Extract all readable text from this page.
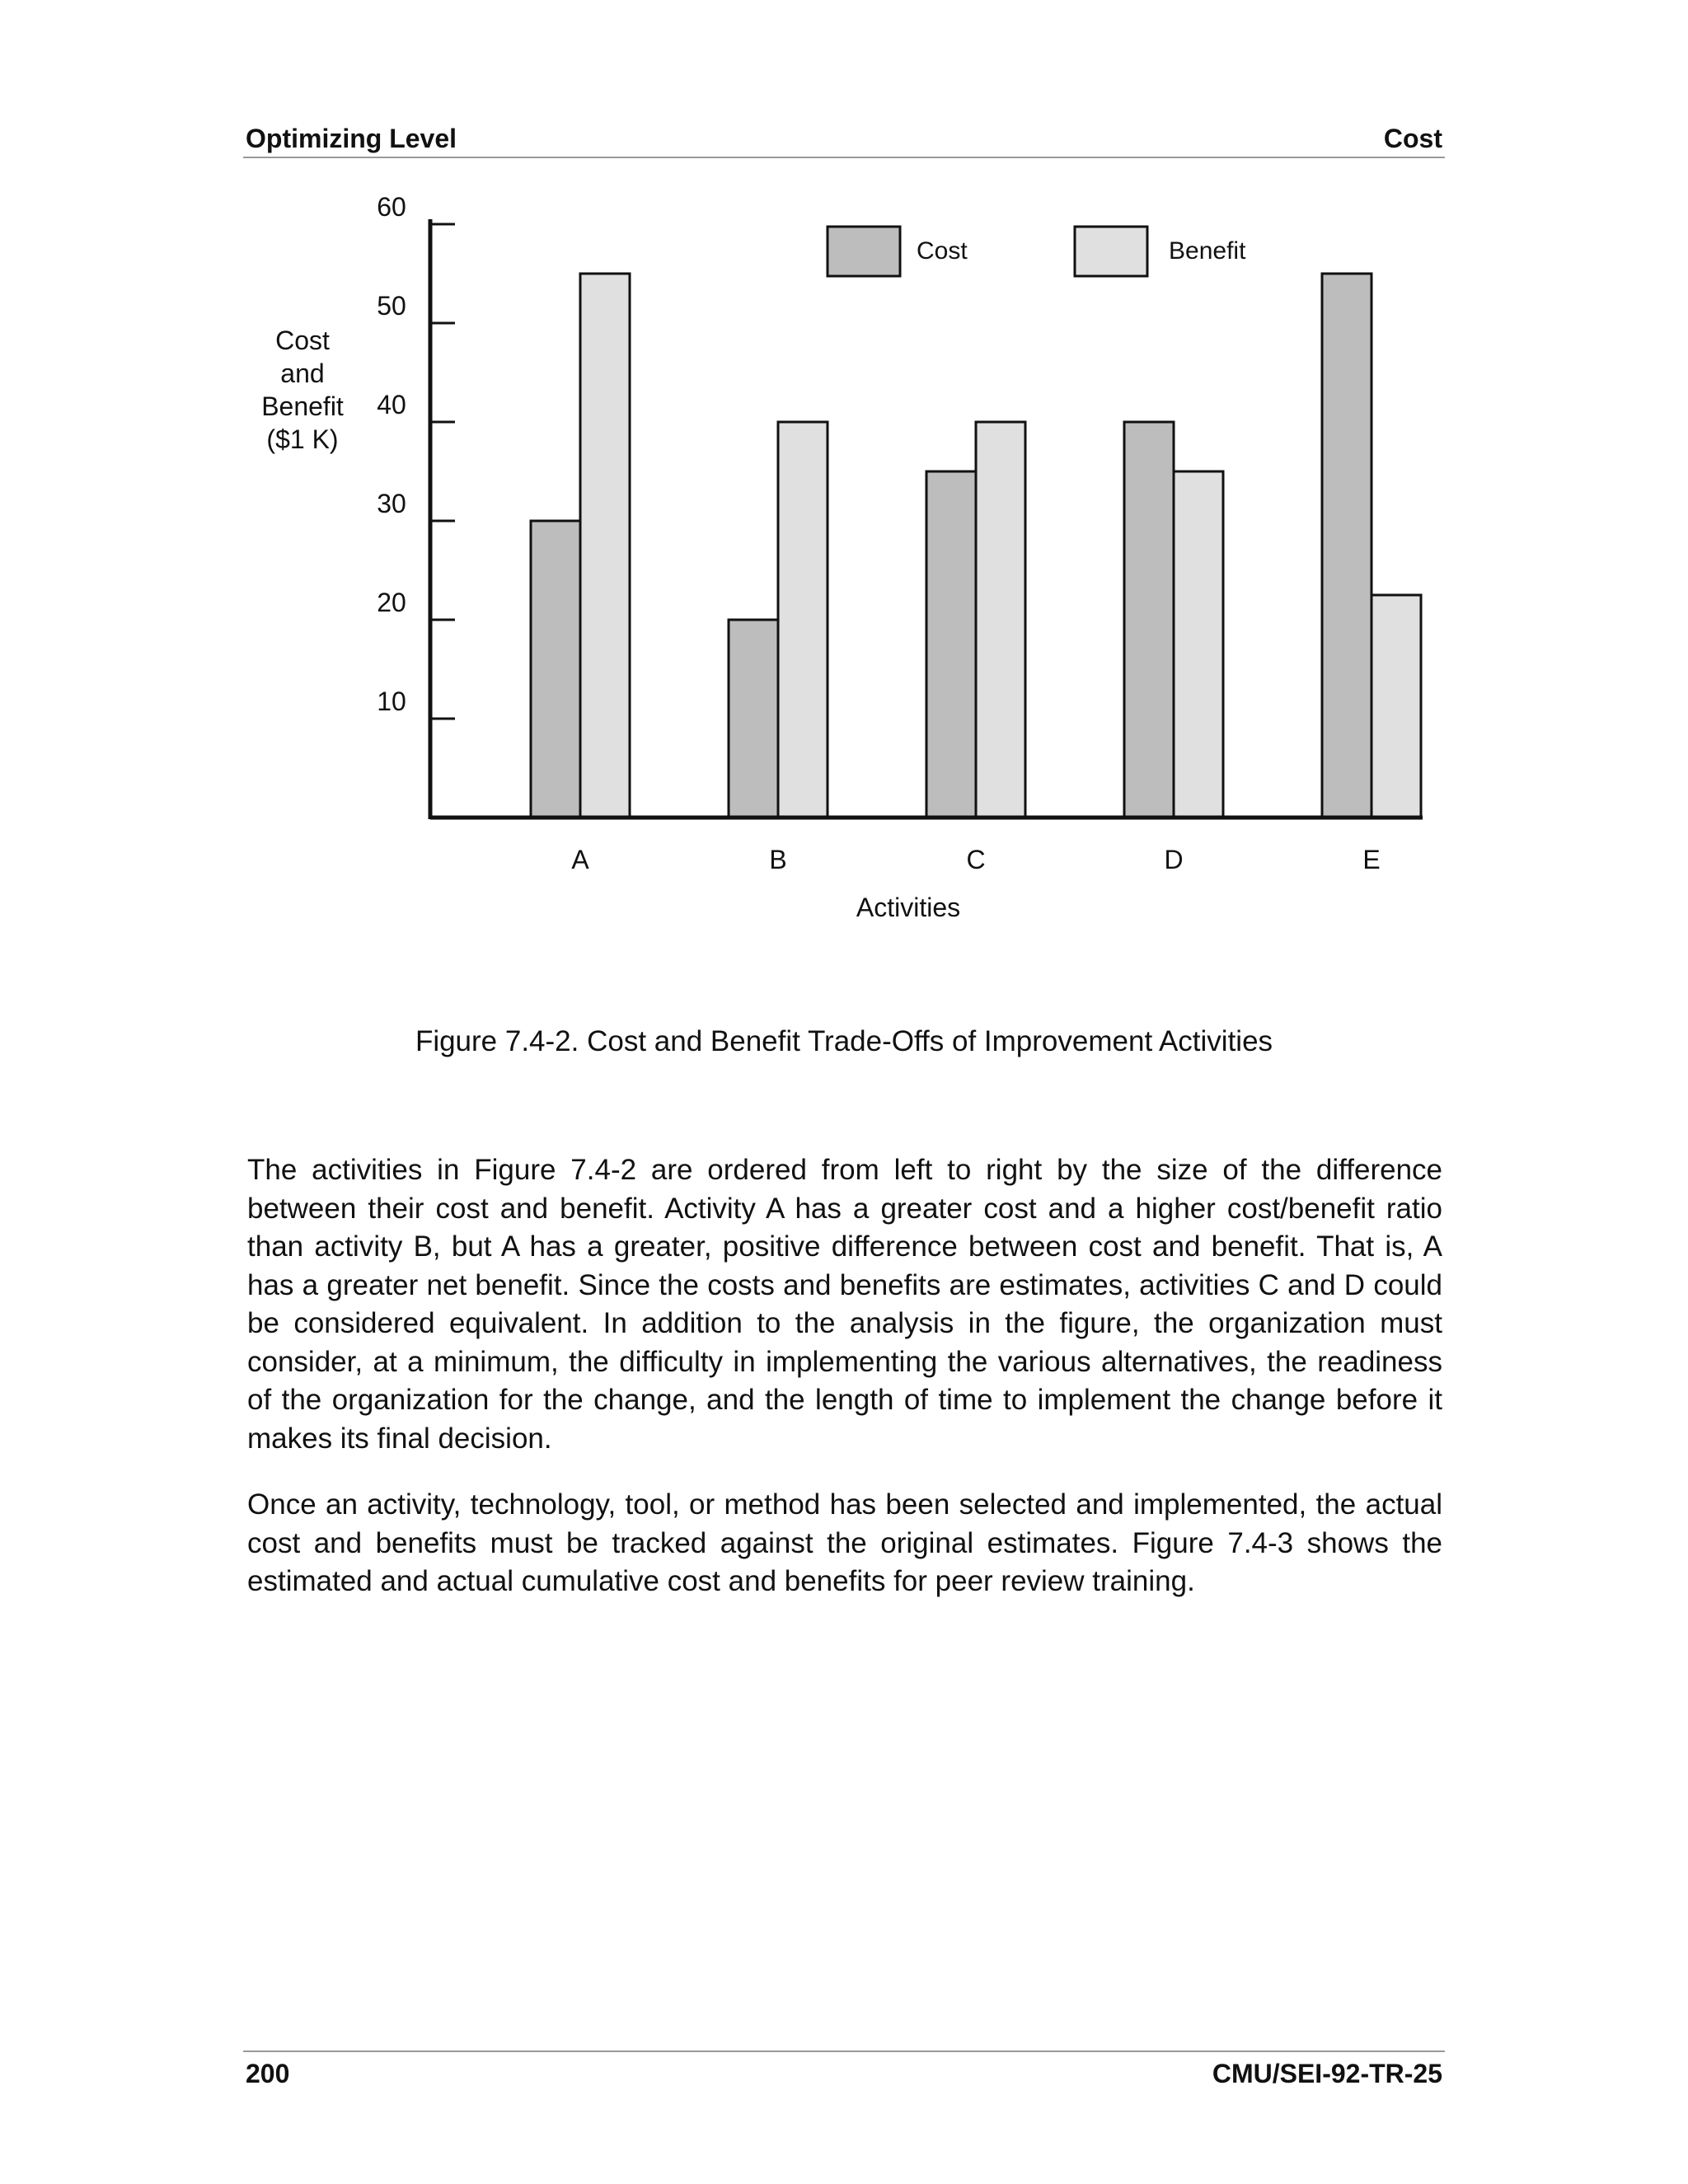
Optimizing Level	Cost
A	B	C	D	E
10
20
30
40
50
60
Cost
and
Benefit
($1 K)
Activities
Cost	Benefit
Figure 7.4-2. Cost and Benefit Trade-Offs of Improvement Activities

The activities in Figure 7.4-2 are ordered from left to right by the size of the difference between their cost and benefit. Activity A has a greater cost and a higher cost/benefit ratio than activity B, but A has a greater, positive difference between cost and benefit. That is, A has a greater net benefit. Since the costs and benefits are estimates, activities C and D could be considered equivalent. In addition to the analysis in the figure, the organization must consider, at a minimum, the difficulty in implementing the various alternatives, the readiness of the organization for the change, and the length of time to implement the change before it makes its final decision.

Once an activity, technology, tool, or method has been selected and implemented, the actual cost and benefits must be tracked against the original estimates. Figure 7.4-3 shows the estimated and actual cumulative cost and benefits for peer review training.

200	CMU/SEI-92-TR-25
